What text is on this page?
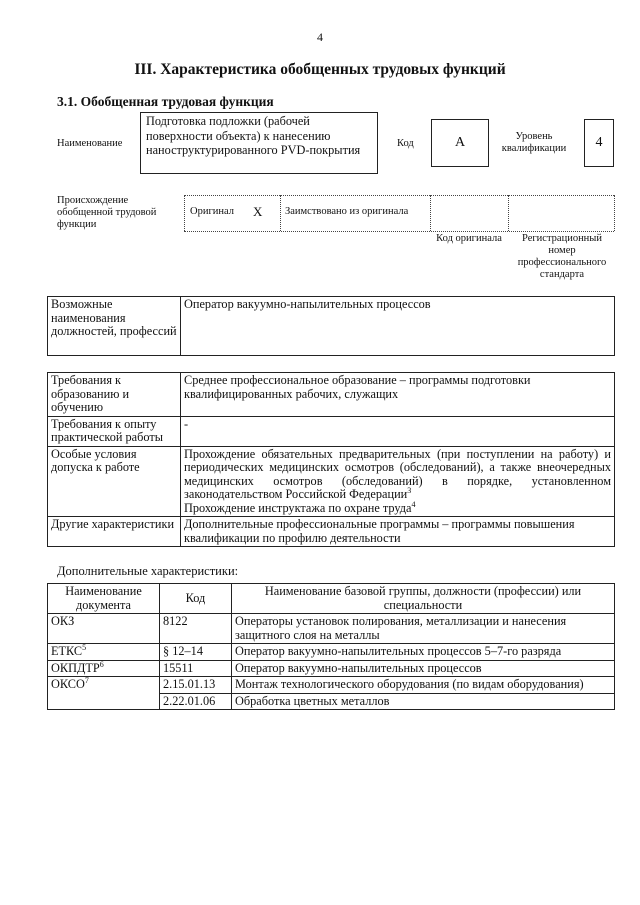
4
III. Характеристика обобщенных трудовых функций
3.1. Обобщенная трудовая функция
Наименование
Подготовка подложки (рабочей поверхности объекта) к нанесению наноструктурированного PVD-покрытия	Код	А	Уровень квалификации	4
Происхождение обобщенной трудовой функции
Оригинал X Заимствовано из оригинала
Код оригинала	Регистрационный номер профессионального стандарта
Возможные наименования должностей, профессий	Оператор вакуумно-напылительных процессов
Требования к образованию и обучению	Среднее профессиональное образование – программы подготовки квалифицированных рабочих, служащих
Требования к опыту практической работы	-
Особые условия допуска к работе	Прохождение обязательных предварительных (при поступлении на работу) и периодических медицинских осмотров (обследований), а также внеочередных медицинских осмотров (обследований) в порядке, установленном законодательством Российской Федерации$^3$
Прохождение инструктажа по охране труда$^4$
Другие характеристики	Дополнительные профессиональные программы – программы повышения квалификации по профилю деятельности
Дополнительные характеристики:
Наименование документа	Код	Наименование базовой группы, должности (профессии) или специальности
ОКЗ	8122	Операторы установок полирования, металлизации и нанесения защитного слоя на металлы
ЕТКС$^5$	§ 12–14	Оператор вакуумно-напылительных процессов 5–7-го разряда
ОКПДТР$^6$	15511	Оператор вакуумно-напылительных процессов
ОКСО$^7$	2.15.01.13	Монтаж технологического оборудования (по видам оборудования)
	2.22.01.06	Обработка цветных металлов
